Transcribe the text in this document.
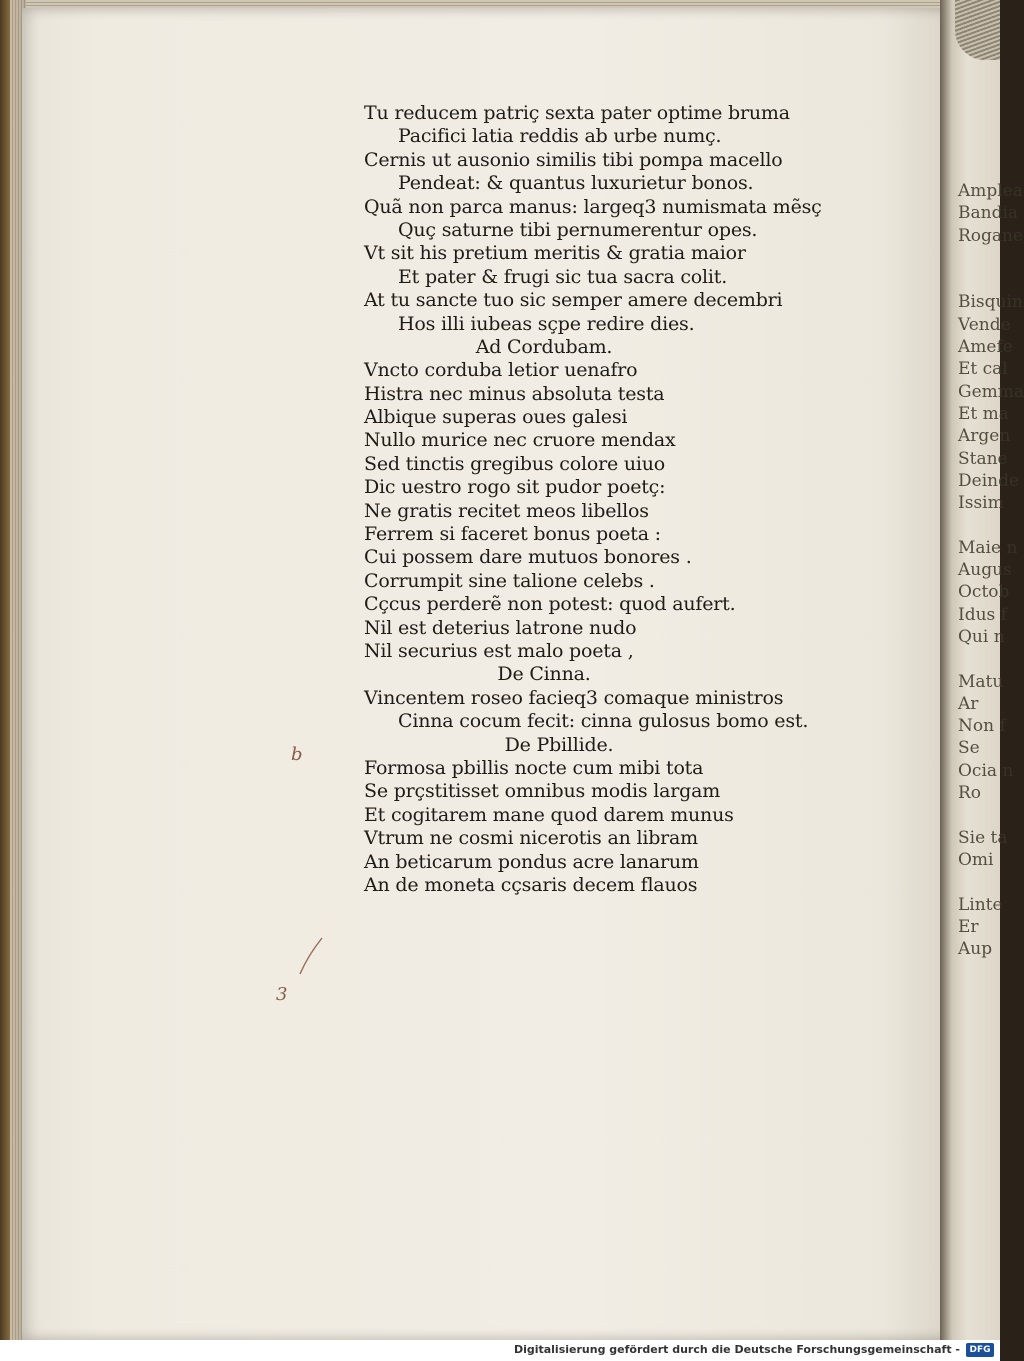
Amplea
Bandia
Rogane

Bisquin
Vende
Amefe
Et cal
Gemma
Et ma
Argen
Stane
Deinde
Issim

Maie n
Augus
Octob
Idus f
Qui n

Matu
Ar
Non f
Se
Ocia n
Ro

Sie ta
Omi

Linte
Er
Aup
Tu reducem patriç sexta pater optime bruma
Pacifici latia reddis ab urbe numç.
Cernis ut ausonio similis tibi pompa macello
Pendeat: & quantus luxurietur bonos.
Quã non parca manus: largeq3 numismata mẽsç
Quç saturne tibi pernumerentur opes.
Vt sit his pretium meritis & gratia maior
Et pater & frugi sic tua sacra colit.
At tu sancte tuo sic semper amere decembri
Hos illi iubeas sçpe redire dies.
Ad Cordubam.
Vncto corduba letior uenafro
Histra nec minus absoluta testa
Albique superas oues galesi
Nullo murice nec cruore mendax
Sed tinctis gregibus colore uiuo
Dic uestro rogo sit pudor poetç:
Ne gratis recitet meos libellos
Ferrem si faceret bonus poeta :
Cui possem dare mutuos bonores .
Corrumpit sine talione celebs .
Cçcus perderẽ non potest: quod aufert.
Nil est deterius latrone nudo
Nil securius est malo poeta ,
De Cinna.
Vincentem roseo facieq3 comaque ministros
Cinna cocum fecit: cinna gulosus bomo est.
De Pbillide.
Formosa pbillis nocte cum mibi tota
Se prçstitisset omnibus modis largam
Et cogitarem mane quod darem munus
Vtrum ne cosmi nicerotis an libram
An beticarum pondus acre lanarum
An de moneta cçsaris decem flauos
b
3
Digitalisierung gefördert durch die Deutsche Forschungsgemeinschaft -	DFG
